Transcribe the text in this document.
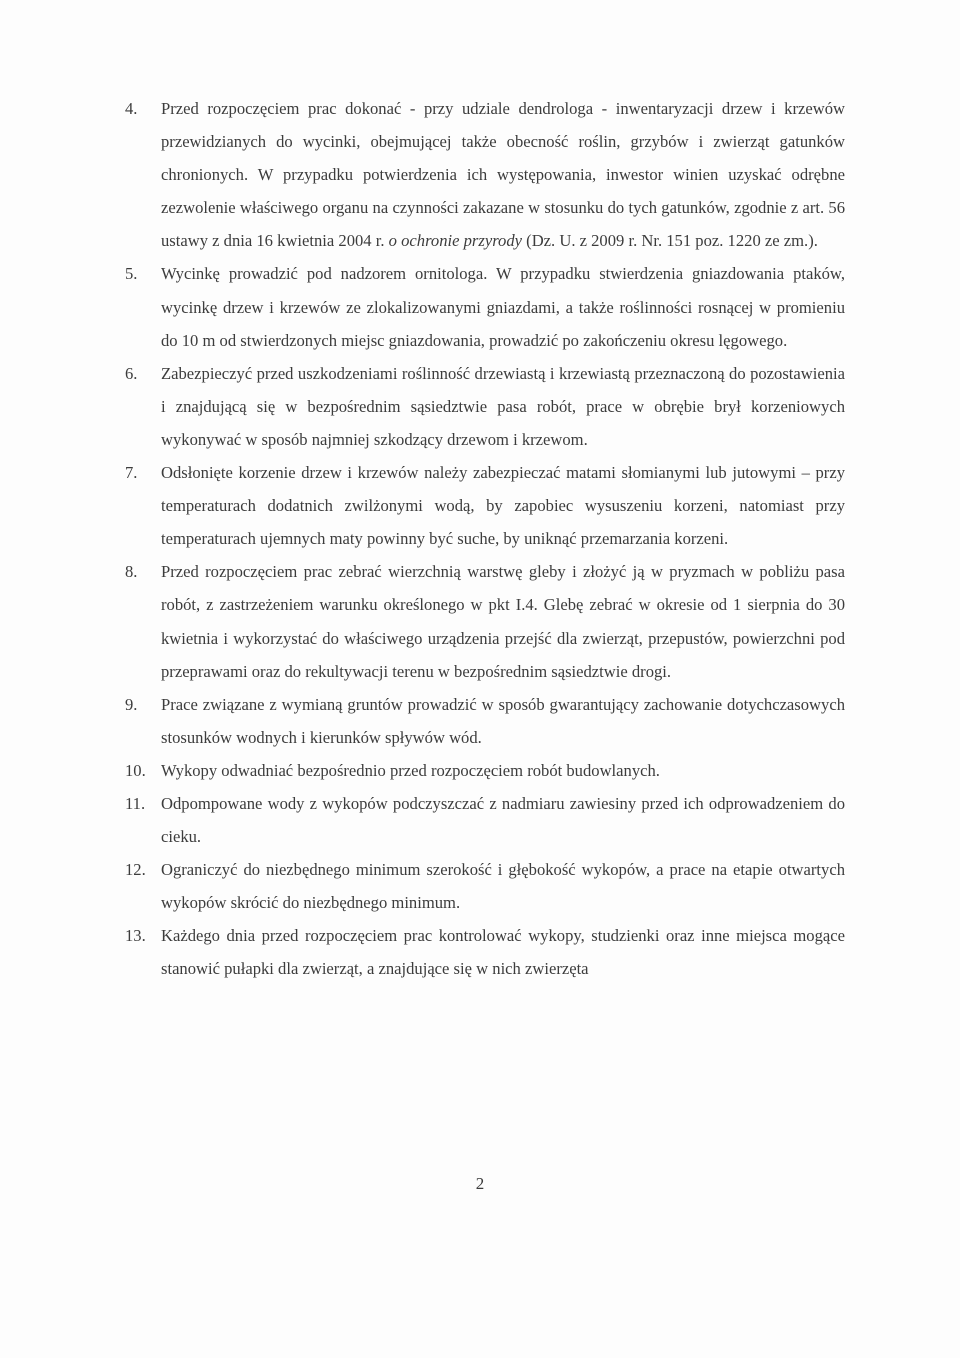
4.	Przed rozpoczęciem prac dokonać - przy udziale dendrologa - inwentaryzacji drzew i krzewów przewidzianych do wycinki, obejmującej także obecność roślin, grzybów i zwierząt gatunków chronionych. W przypadku potwierdzenia ich występowania, inwestor winien uzyskać odrębne zezwolenie właściwego organu na czynności zakazane w stosunku do tych gatunków, zgodnie z art. 56 ustawy z dnia 16 kwietnia 2004 r. o ochronie przyrody (Dz. U. z 2009 r. Nr. 151 poz. 1220 ze zm.).
5.	Wycinkę prowadzić pod nadzorem ornitologa. W przypadku stwierdzenia gniazdowania ptaków, wycinkę drzew i krzewów ze zlokalizowanymi gniazdami, a także roślinności rosnącej w promieniu do 10 m od stwierdzonych miejsc gniazdowania, prowadzić po zakończeniu okresu lęgowego.
6.	Zabezpieczyć przed uszkodzeniami roślinność drzewiastą i krzewiastą przeznaczoną do pozostawienia i znajdującą się w bezpośrednim sąsiedztwie pasa robót, prace w obrębie brył korzeniowych wykonywać w sposób najmniej szkodzący drzewom i krzewom.
7.	Odsłonięte korzenie drzew i krzewów należy zabezpieczać matami słomianymi lub jutowymi – przy temperaturach dodatnich zwilżonymi wodą, by zapobiec wysuszeniu korzeni, natomiast przy temperaturach ujemnych maty powinny być suche, by uniknąć przemarzania korzeni.
8.	Przed rozpoczęciem prac zebrać wierzchnią warstwę gleby i złożyć ją w pryzmach w pobliżu pasa robót, z zastrzeżeniem warunku określonego w pkt I.4. Glebę zebrać w okresie od 1 sierpnia do 30 kwietnia i wykorzystać do właściwego urządzenia przejść dla zwierząt, przepustów, powierzchni pod przeprawami oraz do rekultywacji terenu w bezpośrednim sąsiedztwie drogi.
9.	Prace związane z wymianą gruntów prowadzić w sposób gwarantujący zachowanie dotychczasowych stosunków wodnych i kierunków spływów wód.
10. Wykopy odwadniać bezpośrednio przed rozpoczęciem robót budowlanych.
11. Odpompowane wody z wykopów podczyszczać z nadmiaru zawiesiny przed ich odprowadzeniem do cieku.
12. Ograniczyć do niezbędnego minimum szerokość i głębokość wykopów, a prace na etapie otwartych wykopów skrócić do niezbędnego minimum.
13. Każdego dnia przed rozpoczęciem prac kontrolować wykopy, studzienki oraz inne miejsca mogące stanowić pułapki dla zwierząt, a znajdujące się w nich zwierzęta
2
